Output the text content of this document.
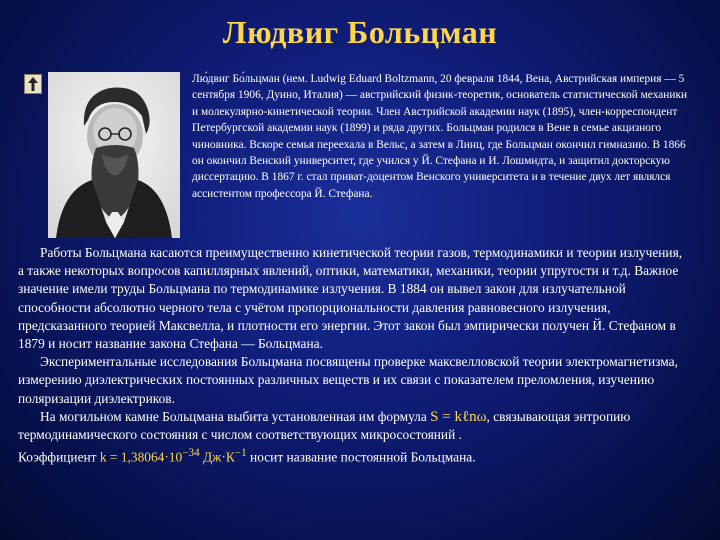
Людвиг Больцман
Лю́двиг Бо́льцман (нем. Ludwig Eduard Boltzmann, 20 февраля 1844, Вена, Австрийская империя — 5 сентября 1906, Дуино, Италия) — австрийский физик-теоретик, основатель статистической механики и молекулярно-кинетической теории. Член Австрийской академии наук (1895), член-корреспондент Петербургской академии наук (1899) и ряда других. Больцман родился в Вене в семье акцизного чиновника. Вскоре семья переехала в Вельс, а затем в Линц, где Больцман окончил гимназию. В 1866 он окончил Венский университет, где учился у Й. Стефана и И. Лошмидта, и защитил докторскую диссертацию. В 1867 г. стал приват-доцентом Венского университета и в течение двух лет являлся ассистентом профессора Й. Стефана.

Работы Больцмана касаются преимущественно кинетической теории газов, термодинамики и теории излучения, а также некоторых вопросов капиллярных явлений, оптики, математики, механики, теории упругости и т.д. Важное значение имели труды Больцмана по термодинамике излучения. В 1884 он вывел закон для излучательной способности абсолютно черного тела с учётом пропорциональности давления равновесного излучения, предсказанного теорией Максвелла, и плотности его энергии. Этот закон был эмпирически получен Й. Стефаном в 1879 и носит название закона Стефана — Больцмана.

Экспериментальные исследования Больцмана посвящены проверке максвелловской теории электромагнетизма, измерению диэлектрических постоянных различных веществ и их связи с показателем преломления, изучению поляризации диэлектриков.

На могильном камне Больцмана выбита установленная им формула S = kℓnω, связывающая энтропию термодинамического состояния с числом соответствующих микросостояний .

Коэффициент $k = 1,38064\cdot 10^{-34}$ $Дж\cdot К^{-1}$ носит название постоянной Больцмана.
